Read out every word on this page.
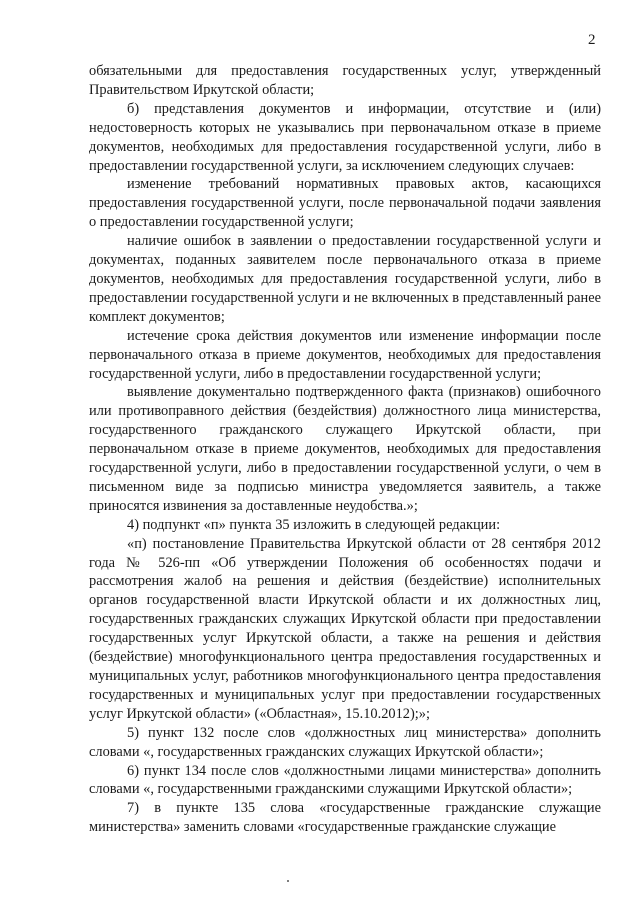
2

обязательными для предоставления государственных услуг, утвержденный Правительством Иркутской области;

б) представления документов и информации, отсутствие и (или) недостоверность которых не указывались при первоначальном отказе в приеме документов, необходимых для предоставления государственной услуги, либо в предоставлении государственной услуги, за исключением следующих случаев:

изменение требований нормативных правовых актов, касающихся предоставления государственной услуги, после первоначальной подачи заявления о предоставлении государственной услуги;

наличие ошибок в заявлении о предоставлении государственной услуги и документах, поданных заявителем после первоначального отказа в приеме документов, необходимых для предоставления государственной услуги, либо в предоставлении государственной услуги и не включенных в представленный ранее комплект документов;

истечение срока действия документов или изменение информации после первоначального отказа в приеме документов, необходимых для предоставления государственной услуги, либо в предоставлении государственной услуги;

выявление документально подтвержденного факта (признаков) ошибочного или противоправного действия (бездействия) должностного лица министерства, государственного гражданского служащего Иркутской области, при первоначальном отказе в приеме документов, необходимых для предоставления государственной услуги, либо в предоставлении государственной услуги, о чем в письменном виде за подписью министра уведомляется заявитель, а также приносятся извинения за доставленные неудобства.»;

4) подпункт «п» пункта 35 изложить в следующей редакции:

«п) постановление Правительства Иркутской области от 28 сентября 2012 года № 526-пп «Об утверждении Положения об особенностях подачи и рассмотрения жалоб на решения и действия (бездействие) исполнительных органов государственной власти Иркутской области и их должностных лиц, государственных гражданских служащих Иркутской области при предоставлении государственных услуг Иркутской области, а также на решения и действия (бездействие) многофункционального центра предоставления государственных и муниципальных услуг, работников многофункционального центра предоставления государственных и муниципальных услуг при предоставлении государственных услуг Иркутской области» («Областная», 15.10.2012);»;

5) пункт 132 после слов «должностных лиц министерства» дополнить словами «, государственных гражданских служащих Иркутской области»;

6) пункт 134 после слов «должностными лицами министерства» дополнить словами «, государственными гражданскими служащими Иркутской области»;

7) в пункте 135 слова «государственные гражданские служащие министерства» заменить словами «государственные гражданские служащие
